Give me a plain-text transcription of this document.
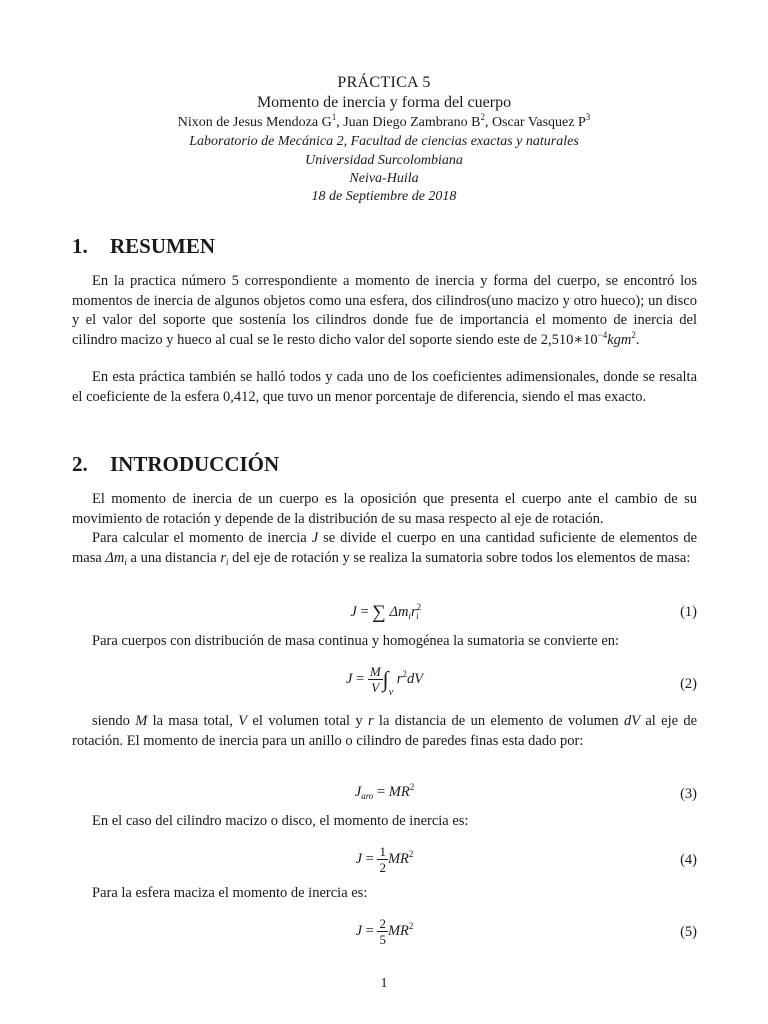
PRÁCTICA 5
Momento de inercia y forma del cuerpo
Nixon de Jesus Mendoza $G^1$, Juan Diego Zambrano $B^2$, Oscar Vasquez $P^3$
Laboratorio de Mecánica 2, Facultad de ciencias exactas y naturales
Universidad Surcolombiana
Neiva-Huila
18 de Septiembre de 2018
1. RESUMEN

En la practica número 5 correspondiente a momento de inercia y forma del cuerpo, se encontró los momentos de inercia de algunos objetos como una esfera, dos cilindros(uno macizo y otro hueco); un disco y el valor del soporte que sostenía los cilindros donde fue de importancia el momento de inercia del cilindro macizo y hueco al cual se le resto dicho valor del soporte siendo este de $2,510∗10^{-4}kgm^2$.

En esta práctica también se halló todos y cada uno de los coeficientes adimensionales, donde se resalta el coeficiente de la esfera 0,412, que tuvo un menor porcentaje de diferencia, siendo el mas exacto.

2. INTRODUCCIÓN

El momento de inercia de un cuerpo es la oposición que presenta el cuerpo ante el cambio de su movimiento de rotación y depende de la distribución de su masa respecto al eje de rotación.

Para calcular el momento de inercia J se divide el cuerpo en una cantidad suficiente de elementos de masa $\Delta m_i$ a una distancia $r_i$ del eje de rotación y se realiza la sumatoria sobre todos los elementos de masa:

J = ∑ $\Delta m_ir^2_i$	(1)

Para cuerpos con distribución de masa continua y homogénea la sumatoria se convierte en:

$J = \frac{M}{V} \int_v$ $r^2dV$	(2)

siendo M la masa total, V el volumen total y r la distancia de un elemento de volumen dV al eje de rotación. El momento de inercia para un anillo o cilindro de paredes finas esta dado por:

$J_{aro} = MR^2$	(3)

En el caso del cilindro macizo o disco, el momento de inercia es:

$J = \frac{1}{2} MR^2$	(4)

Para la esfera maciza el momento de inercia es:

$J = \frac{2}{5} MR^2$	(5)
1
